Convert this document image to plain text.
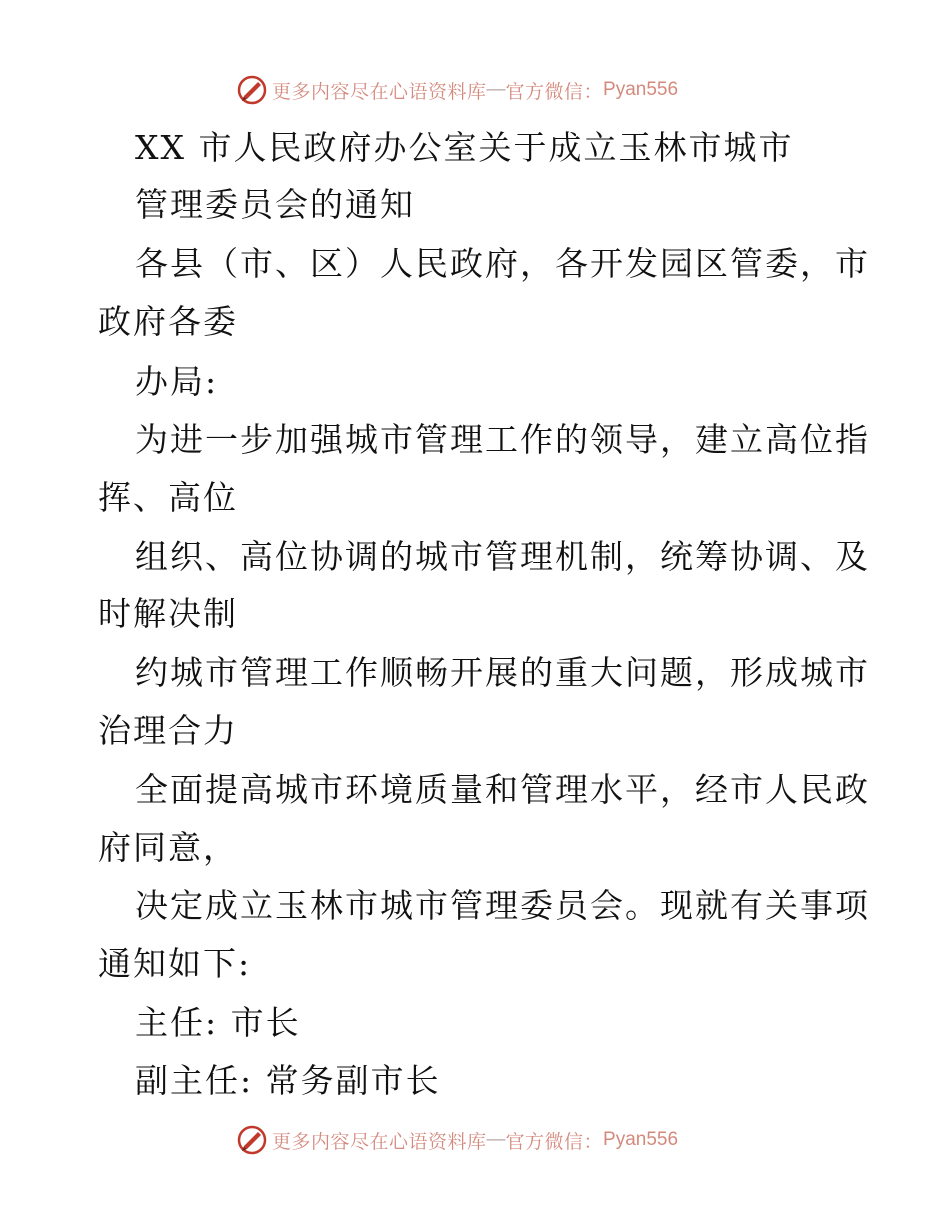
更多内容尽在心语资料库 — 官方微信： Pyan556
XX 市人民政府办公室关于成立玉林市城市
管理委员会的通知
各县（市、区）人民政府，各开发园区管委，市
政府各委
办局:
为进一步加强城市管理工作的领导，建立高位指
挥、高位
组织、高位协调的城市管理机制，统筹协调、及
时解决制
约城市管理工作顺畅开展的重大问题，形成城市
治理合力
全面提高城市环境质量和管理水平，经市人民政
府同意，
决定成立玉林市城市管理委员会。现就有关事项
通知如下:
主任: 市长
副主任: 常务副市长
更多内容尽在心语资料库 — 官方微信： Pyan556
